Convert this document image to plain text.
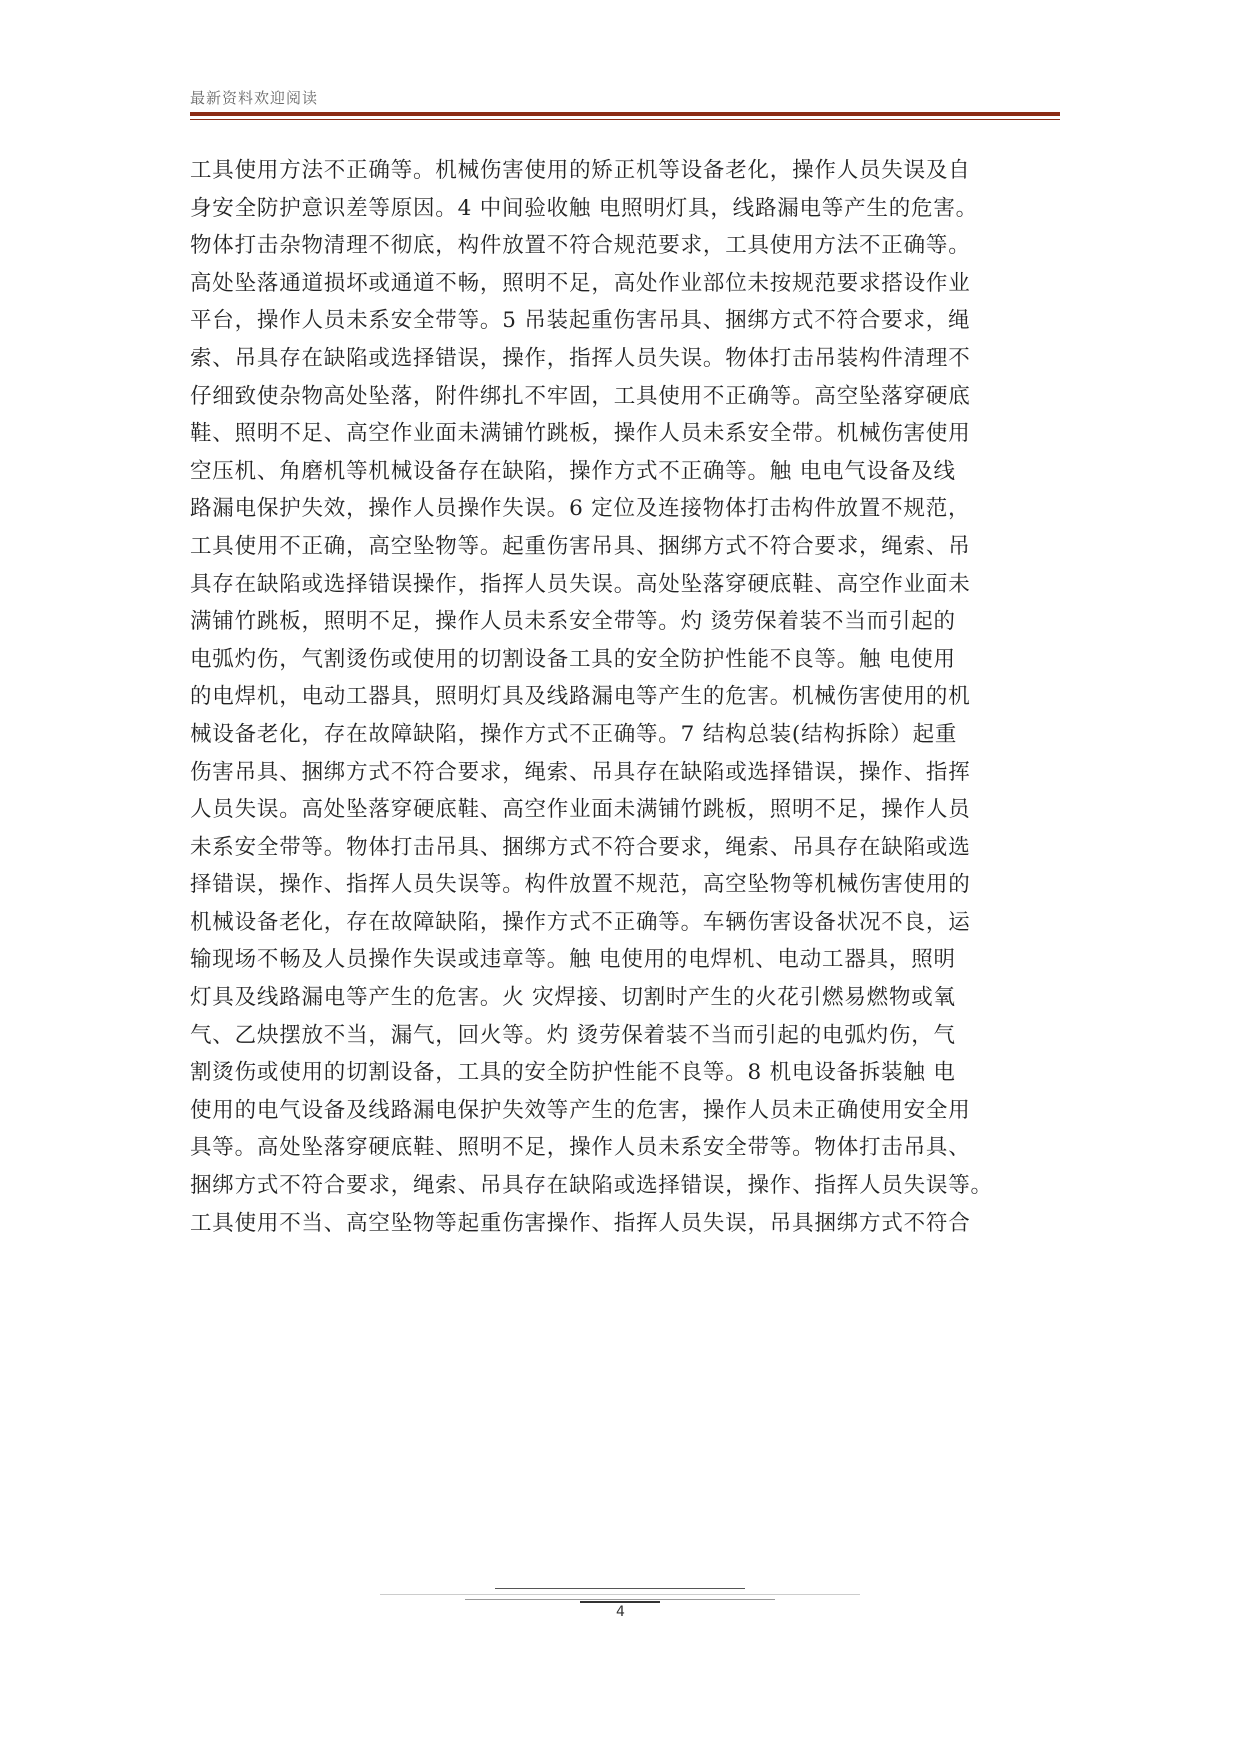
最新资料欢迎阅读
工具使用方法不正确等。机械伤害使用的矫正机等设备老化，操作人员失误及自
身安全防护意识差等原因。4 中间验收触 电照明灯具，线路漏电等产生的危害。
物体打击杂物清理不彻底，构件放置不符合规范要求，工具使用方法不正确等。
高处坠落通道损坏或通道不畅，照明不足，高处作业部位未按规范要求搭设作业
平台，操作人员未系安全带等。5 吊装起重伤害吊具、捆绑方式不符合要求，绳
索、吊具存在缺陷或选择错误，操作，指挥人员失误。物体打击吊装构件清理不
仔细致使杂物高处坠落，附件绑扎不牢固，工具使用不正确等。高空坠落穿硬底
鞋、照明不足、高空作业面未满铺竹跳板，操作人员未系安全带。机械伤害使用
空压机、角磨机等机械设备存在缺陷，操作方式不正确等。触 电电气设备及线
路漏电保护失效，操作人员操作失误。6 定位及连接物体打击构件放置不规范，
工具使用不正确，高空坠物等。起重伤害吊具、捆绑方式不符合要求，绳索、吊
具存在缺陷或选择错误操作，指挥人员失误。高处坠落穿硬底鞋、高空作业面未
满铺竹跳板，照明不足，操作人员未系安全带等。灼 烫劳保着装不当而引起的
电弧灼伤，气割烫伤或使用的切割设备工具的安全防护性能不良等。触 电使用
的电焊机，电动工器具，照明灯具及线路漏电等产生的危害。机械伤害使用的机
械设备老化，存在故障缺陷，操作方式不正确等。7 结构总装(结构拆除）起重
伤害吊具、捆绑方式不符合要求，绳索、吊具存在缺陷或选择错误，操作、指挥
人员失误。高处坠落穿硬底鞋、高空作业面未满铺竹跳板，照明不足，操作人员
未系安全带等。物体打击吊具、捆绑方式不符合要求，绳索、吊具存在缺陷或选
择错误，操作、指挥人员失误等。构件放置不规范，高空坠物等机械伤害使用的
机械设备老化，存在故障缺陷，操作方式不正确等。车辆伤害设备状况不良，运
输现场不畅及人员操作失误或违章等。触 电使用的电焊机、电动工器具，照明
灯具及线路漏电等产生的危害。火 灾焊接、切割时产生的火花引燃易燃物或氧
气、乙炔摆放不当，漏气，回火等。灼 烫劳保着装不当而引起的电弧灼伤，气
割烫伤或使用的切割设备，工具的安全防护性能不良等。8 机电设备拆装触 电
使用的电气设备及线路漏电保护失效等产生的危害，操作人员未正确使用安全用
具等。高处坠落穿硬底鞋、照明不足，操作人员未系安全带等。物体打击吊具、
捆绑方式不符合要求，绳索、吊具存在缺陷或选择错误，操作、指挥人员失误等。
工具使用不当、高空坠物等起重伤害操作、指挥人员失误，吊具捆绑方式不符合
4
